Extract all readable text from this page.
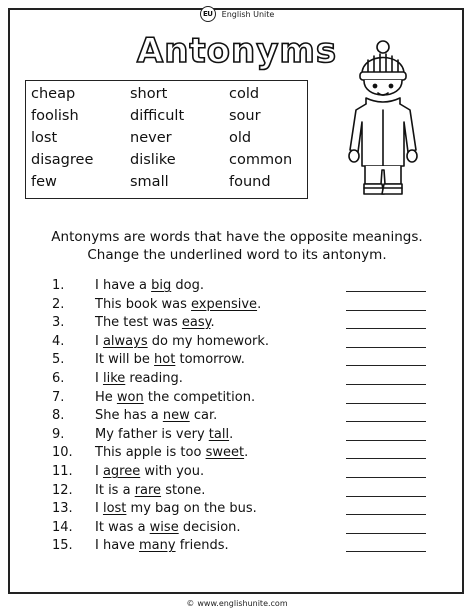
EU	English Unite
Antonyms
cheap	short	cold
foolish	difficult	sour
lost	never	old
disagree	dislike	common
few	small	found
Antonyms are words that have the opposite meanings.
Change the underlined word to its antonym.
1. I have a big dog.
2. This book was expensive.
3. The test was easy.
4. I always do my homework.
5. It will be hot tomorrow.
6. I like reading.
7. He won the competition.
8. She has a new car.
9. My father is very tall.
10. This apple is too sweet.
11. I agree with you.
12. It is a rare stone.
13. I lost my bag on the bus.
14. It was a wise decision.
15. I have many friends.
© www.englishunite.com
